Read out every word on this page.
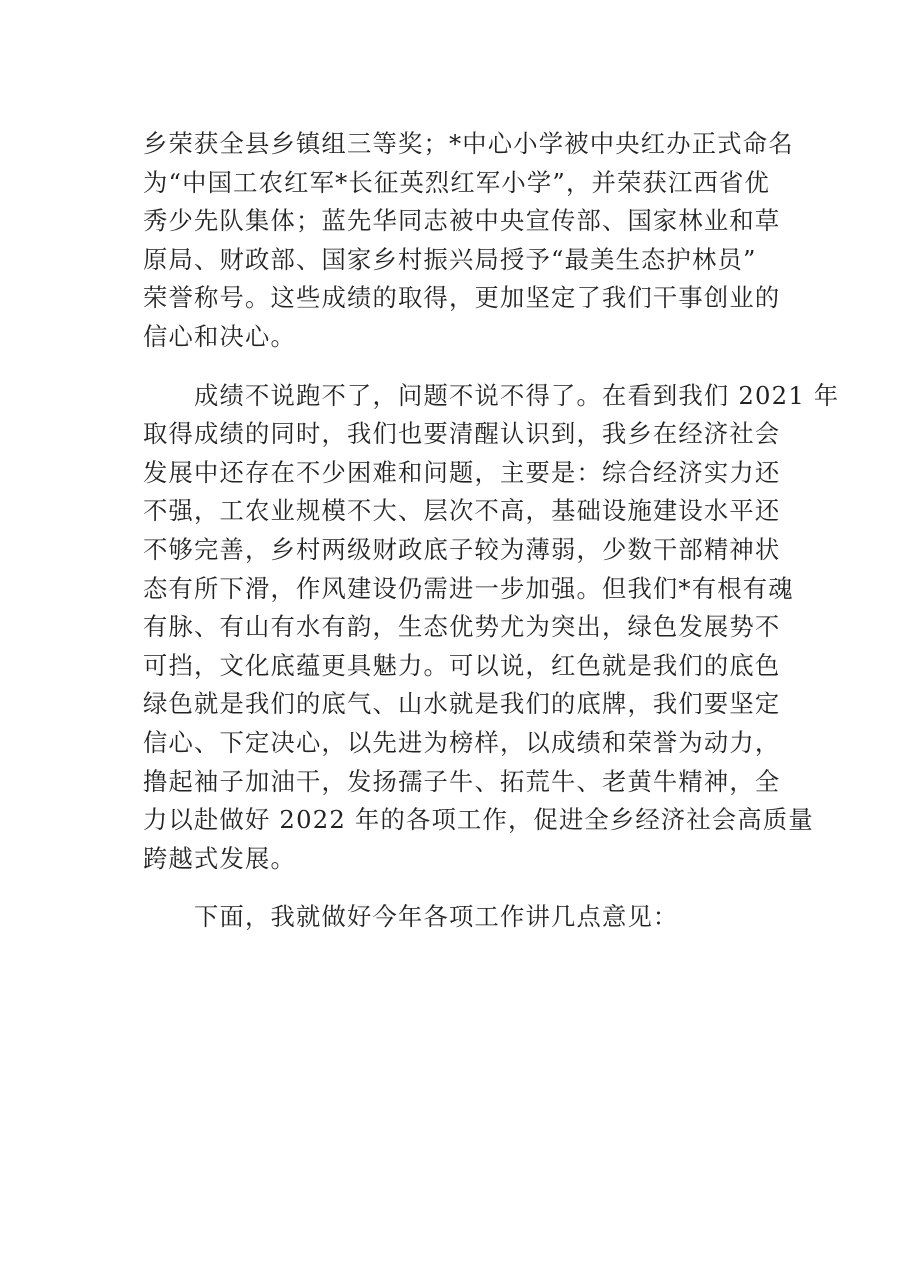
乡荣获全县乡镇组三等奖；*中心小学被中央红办正式命名
为“中国工农红军*长征英烈红军小学”，并荣获江西省优
秀少先队集体；蓝先华同志被中央宣传部、国家林业和草
原局、财政部、国家乡村振兴局授予“最美生态护林员”
荣誉称号。这些成绩的取得，更加坚定了我们干事创业的
信心和决心。
　　成绩不说跑不了，问题不说不得了。在看到我们 2021 年
取得成绩的同时，我们也要清醒认识到，我乡在经济社会
发展中还存在不少困难和问题，主要是：综合经济实力还
不强，工农业规模不大、层次不高，基础设施建设水平还
不够完善，乡村两级财政底子较为薄弱，少数干部精神状
态有所下滑，作风建设仍需进一步加强。但我们*有根有魂
有脉、有山有水有韵，生态优势尤为突出，绿色发展势不
可挡，文化底蕴更具魅力。可以说，红色就是我们的底色
绿色就是我们的底气、山水就是我们的底牌，我们要坚定
信心、下定决心，以先进为榜样，以成绩和荣誉为动力，
撸起袖子加油干，发扬孺子牛、拓荒牛、老黄牛精神，全
力以赴做好 2022 年的各项工作，促进全乡经济社会高质量
跨越式发展。
　　下面，我就做好今年各项工作讲几点意见：
